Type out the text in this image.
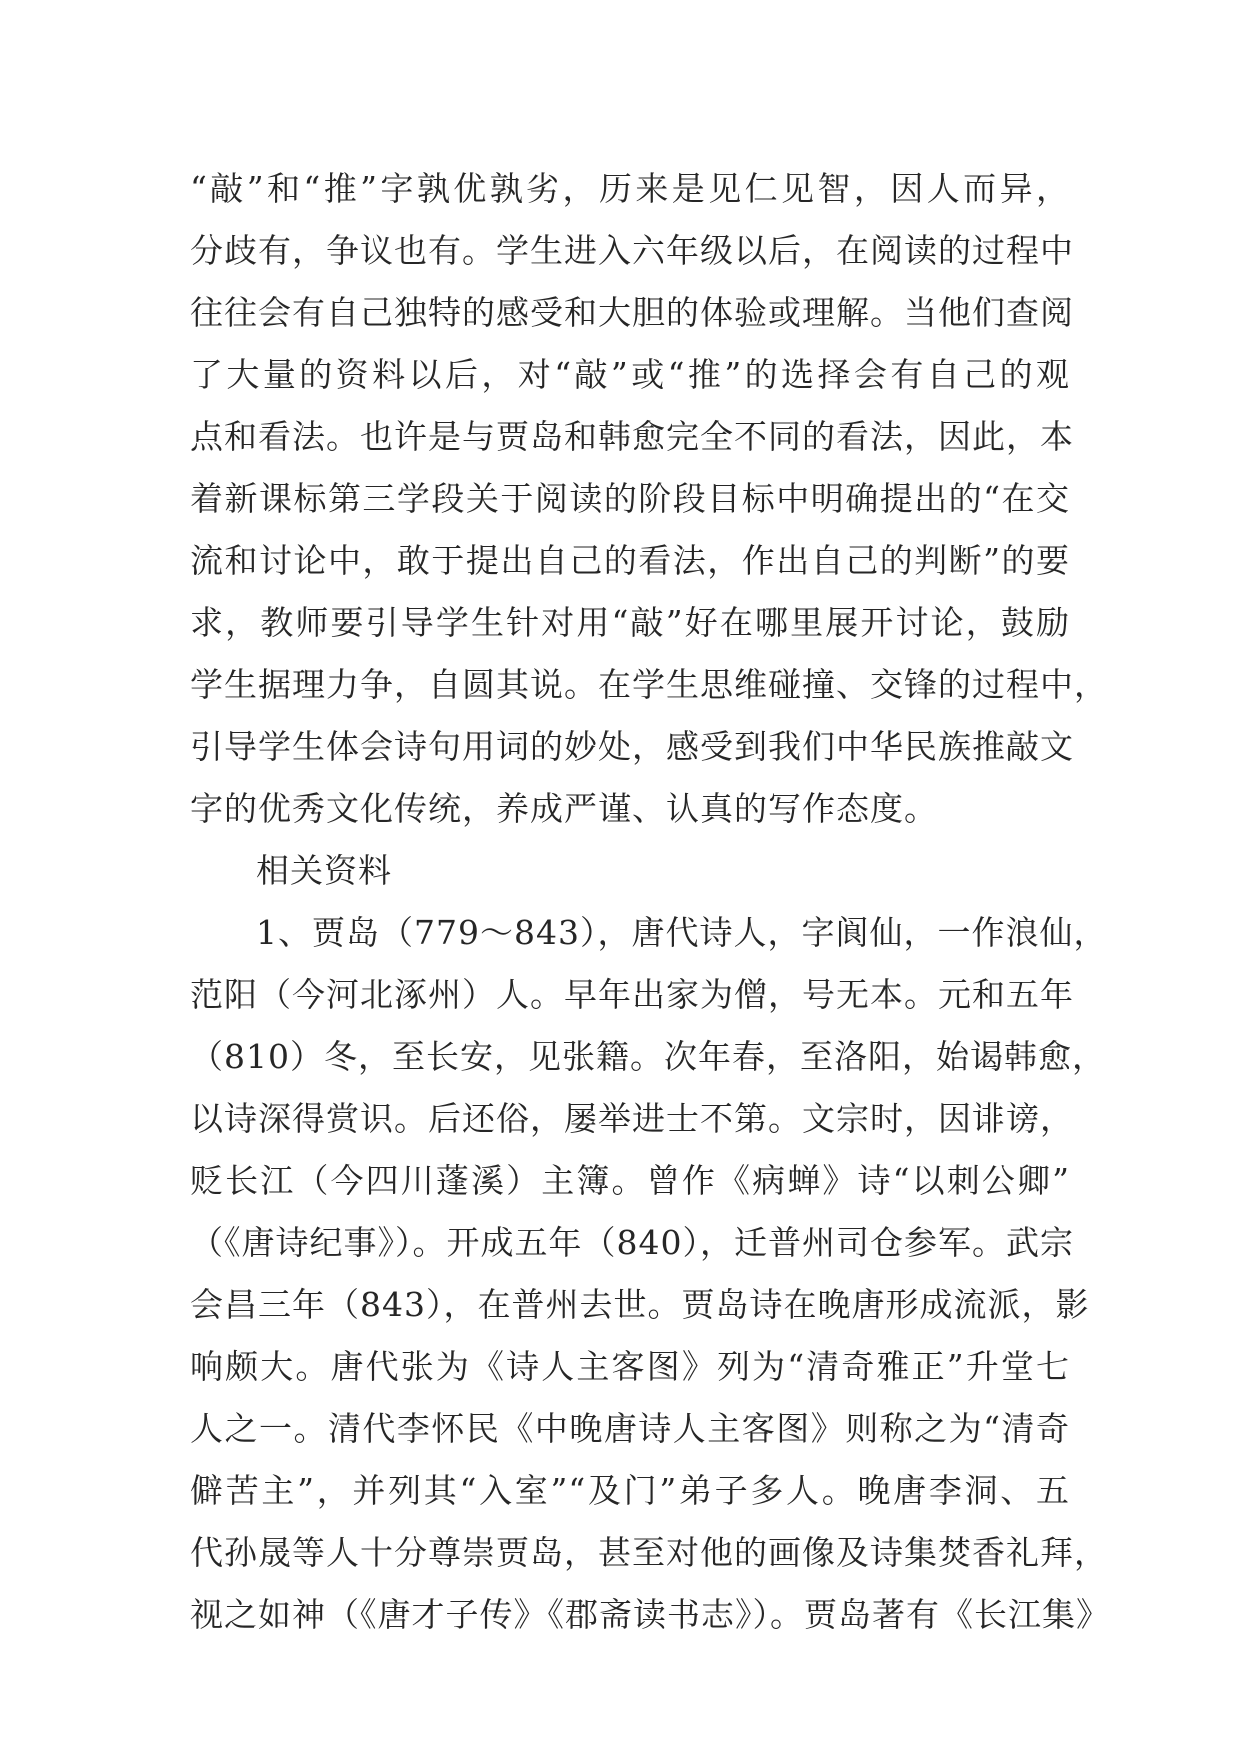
“敲”和“推”字孰优孰劣，历来是见仁见智，因人而异，
分歧有，争议也有。学生进入六年级以后，在阅读的过程中
往往会有自己独特的感受和大胆的体验或理解。当他们查阅
了大量的资料以后，对“敲”或“推”的选择会有自己的观
点和看法。也许是与贾岛和韩愈完全不同的看法，因此，本
着新课标第三学段关于阅读的阶段目标中明确提出的“在交
流和讨论中，敢于提出自己的看法，作出自己的判断”的要
求，教师要引导学生针对用“敲”好在哪里展开讨论，鼓励
学生据理力争，自圆其说。在学生思维碰撞、交锋的过程中，
引导学生体会诗句用词的妙处，感受到我们中华民族推敲文
字的优秀文化传统，养成严谨、认真的写作态度。
相关资料
1、贾岛（779～843），唐代诗人，字阆仙，一作浪仙，
范阳（今河北涿州）人。早年出家为僧，号无本。元和五年
（810）冬，至长安，见张籍。次年春，至洛阳，始谒韩愈，
以诗深得赏识。后还俗，屡举进士不第。文宗时，因诽谤，
贬长江（今四川蓬溪）主簿。曾作《病蝉》诗“以刺公卿”
（《唐诗纪事》）。开成五年（840），迁普州司仓参军。武宗
会昌三年（843），在普州去世。贾岛诗在晚唐形成流派，影
响颇大。唐代张为《诗人主客图》列为“清奇雅正”升堂七
人之一。清代李怀民《中晚唐诗人主客图》则称之为“清奇
僻苦主”，并列其“入室”“及门”弟子多人。晚唐李洞、五
代孙晟等人十分尊崇贾岛，甚至对他的画像及诗集焚香礼拜，
视之如神（《唐才子传》《郡斋读书志》）。贾岛著有《长江集》
